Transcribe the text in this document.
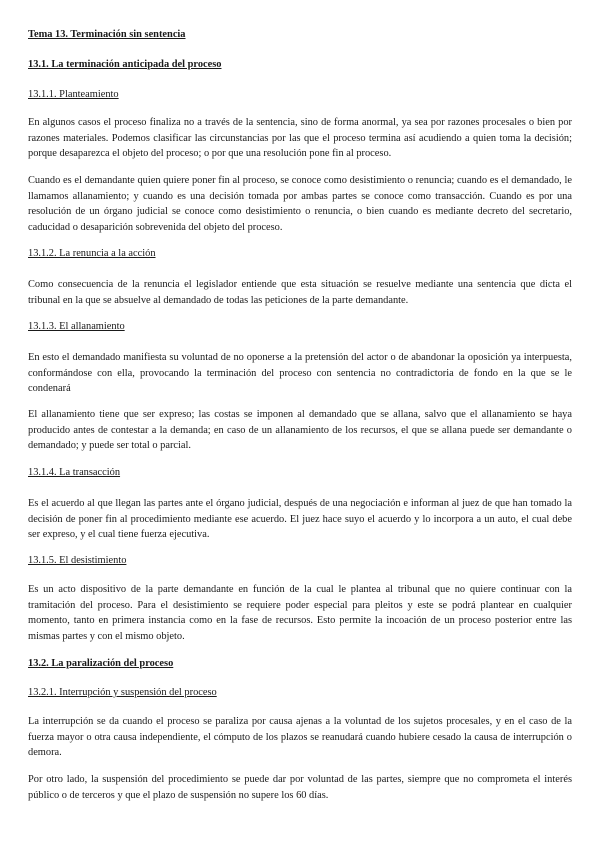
Tema 13. Terminación sin sentencia
13.1. La terminación anticipada del proceso
13.1.1. Planteamiento

En algunos casos el proceso finaliza no a través de la sentencia, sino de forma anormal, ya sea por razones procesales o bien por razones materiales. Podemos clasificar las circunstancias por las que el proceso termina así acudiendo a quien toma la decisión; porque desaparezca el objeto del proceso; o por que una resolución pone fin al proceso.

Cuando es el demandante quien quiere poner fin al proceso, se conoce como desistimiento o renuncia; cuando es el demandado, le llamamos allanamiento; y cuando es una decisión tomada por ambas partes se conoce como transacción. Cuando es por una resolución de un órgano judicial se conoce como desistimiento o renuncia, o bien cuando es mediante decreto del secretario, caducidad o desaparición sobrevenida del objeto del proceso.

13.1.2. La renuncia a la acción

Como consecuencia de la renuncia el legislador entiende que esta situación se resuelve mediante una sentencia que dicta el tribunal en la que se absuelve al demandado de todas las peticiones de la parte demandante.

13.1.3. El allanamiento

En esto el demandado manifiesta su voluntad de no oponerse a la pretensión del actor o de abandonar la oposición ya interpuesta, conformándose con ella, provocando la terminación del proceso con sentencia no contradictoria de fondo en la que se le condenará

El allanamiento tiene que ser expreso; las costas se imponen al demandado que se allana, salvo que el allanamiento se haya producido antes de contestar a la demanda; en caso de un allanamiento de los recursos, el que se allana puede ser demandante o demandado; y puede ser total o parcial.

13.1.4. La transacción

Es el acuerdo al que llegan las partes ante el órgano judicial, después de una negociación e informan al juez de que han tomado la decisión de poner fin al procedimiento mediante ese acuerdo. El juez hace suyo el acuerdo y lo incorpora a un auto, el cual debe ser expreso, y el cual tiene fuerza ejecutiva.

13.1.5. El desistimiento

Es un acto dispositivo de la parte demandante en función de la cual le plantea al tribunal que no quiere continuar con la tramitación del proceso. Para el desistimiento se requiere poder especial para pleitos y este se podrá plantear en cualquier momento, tanto en primera instancia como en la fase de recursos. Esto permite la incoación de un proceso posterior entre las mismas partes y con el mismo objeto.

13.2. La paralización del proceso
13.2.1. Interrupción y suspensión del proceso

La interrupción se da cuando el proceso se paraliza por causa ajenas a la voluntad de los sujetos procesales, y en el caso de la fuerza mayor o otra causa independiente, el cómputo de los plazos se reanudará cuando hubiere cesado la causa de interrupción o demora.

Por otro lado, la suspensión del procedimiento se puede dar por voluntad de las partes, siempre que no comprometa el interés público o de terceros y que el plazo de suspensión no supere los 60 días.
